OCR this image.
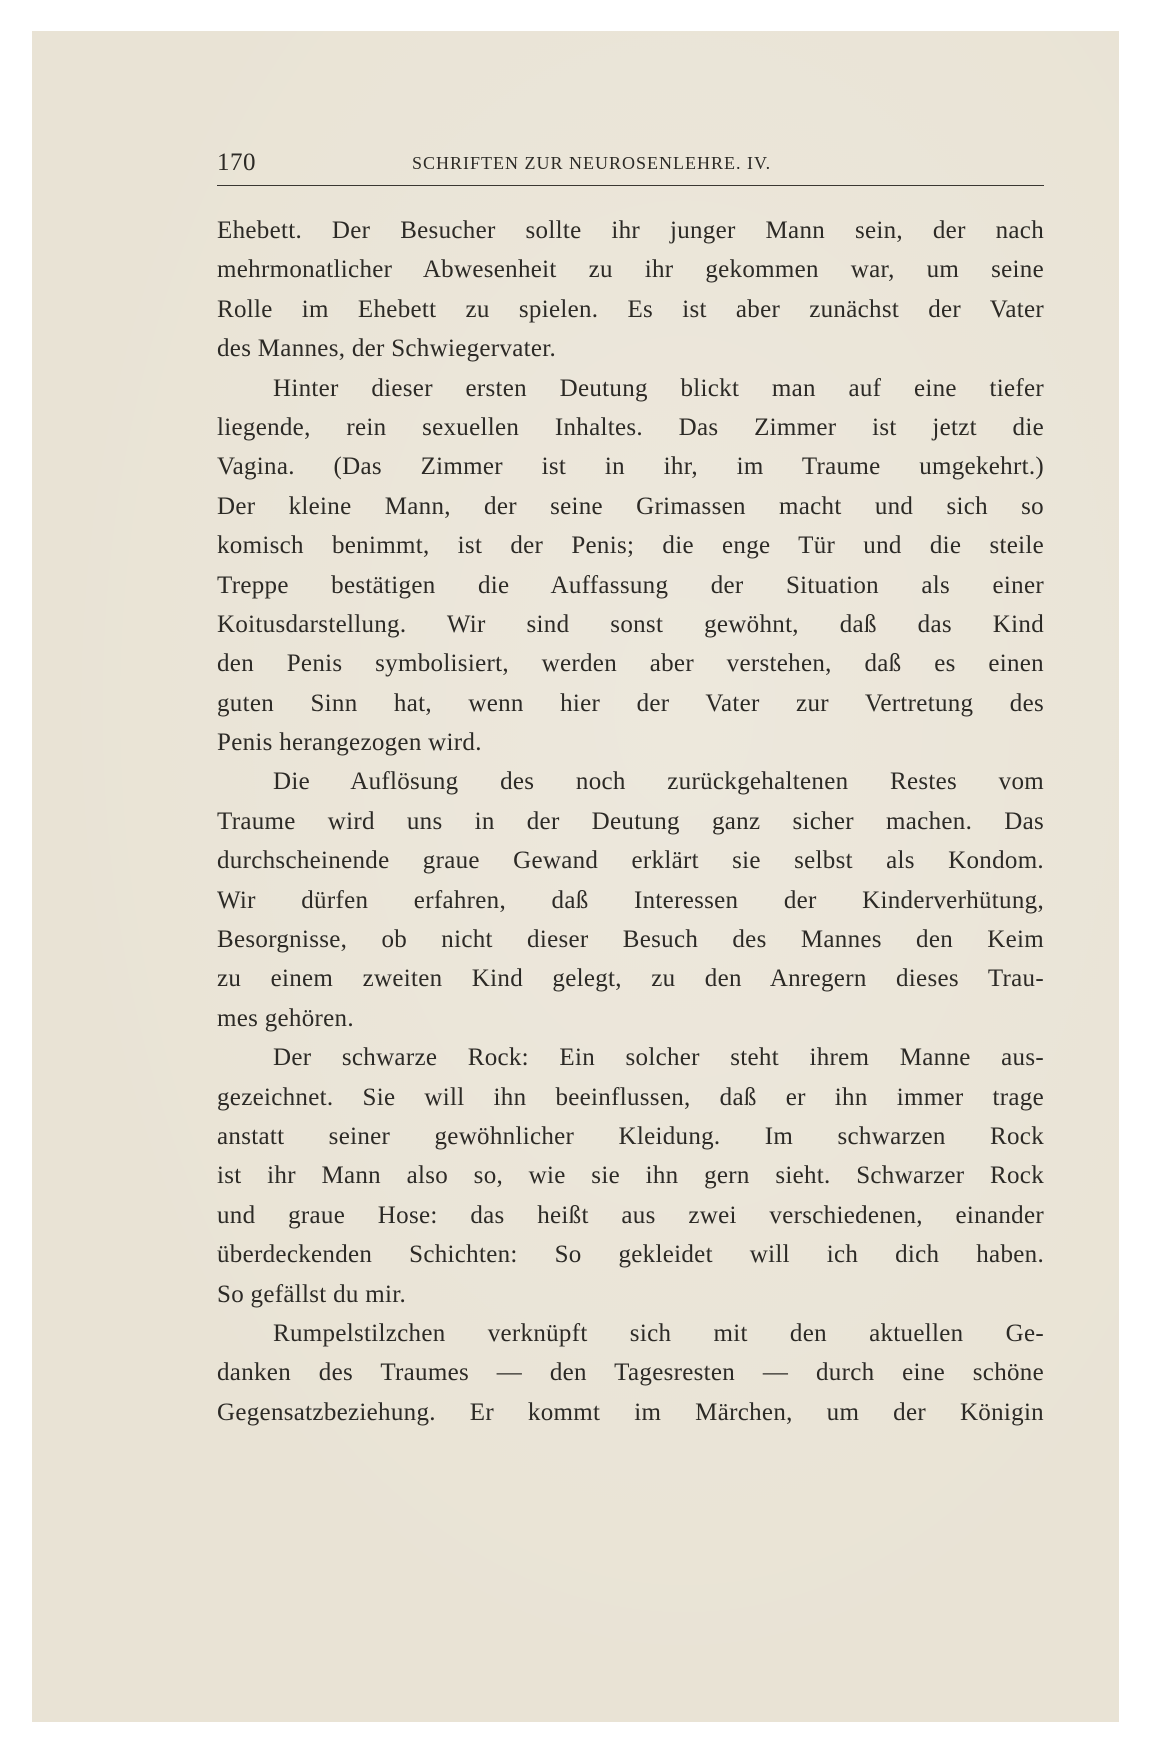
170	SCHRIFTEN ZUR NEUROSENLEHRE. IV.
Ehebett. Der Besucher sollte ihr junger Mann sein, der nach
mehrmonatlicher Abwesenheit zu ihr gekommen war, um seine
Rolle im Ehebett zu spielen. Es ist aber zunächst der Vater
des Mannes, der Schwiegervater.
Hinter dieser ersten Deutung blickt man auf eine tiefer
liegende, rein sexuellen Inhaltes. Das Zimmer ist jetzt die
Vagina. (Das Zimmer ist in ihr, im Traume umgekehrt.)
Der kleine Mann, der seine Grimassen macht und sich so
komisch benimmt, ist der Penis; die enge Tür und die steile
Treppe bestätigen die Auffassung der Situation als einer
Koitusdarstellung. Wir sind sonst gewöhnt, daß das Kind
den Penis symbolisiert, werden aber verstehen, daß es einen
guten Sinn hat, wenn hier der Vater zur Vertretung des
Penis herangezogen wird.
Die Auflösung des noch zurückgehaltenen Restes vom
Traume wird uns in der Deutung ganz sicher machen. Das
durchscheinende graue Gewand erklärt sie selbst als Kondom.
Wir dürfen erfahren, daß Interessen der Kinderverhütung,
Besorgnisse, ob nicht dieser Besuch des Mannes den Keim
zu einem zweiten Kind gelegt, zu den Anregern dieses Trau-
mes gehören.
Der schwarze Rock: Ein solcher steht ihrem Manne aus-
gezeichnet. Sie will ihn beeinflussen, daß er ihn immer trage
anstatt seiner gewöhnlicher Kleidung. Im schwarzen Rock
ist ihr Mann also so, wie sie ihn gern sieht. Schwarzer Rock
und graue Hose: das heißt aus zwei verschiedenen, einander
überdeckenden Schichten: So gekleidet will ich dich haben.
So gefällst du mir.
Rumpelstilzchen verknüpft sich mit den aktuellen Ge-
danken des Traumes — den Tagesresten — durch eine schöne
Gegensatzbeziehung. Er kommt im Märchen, um der Königin
